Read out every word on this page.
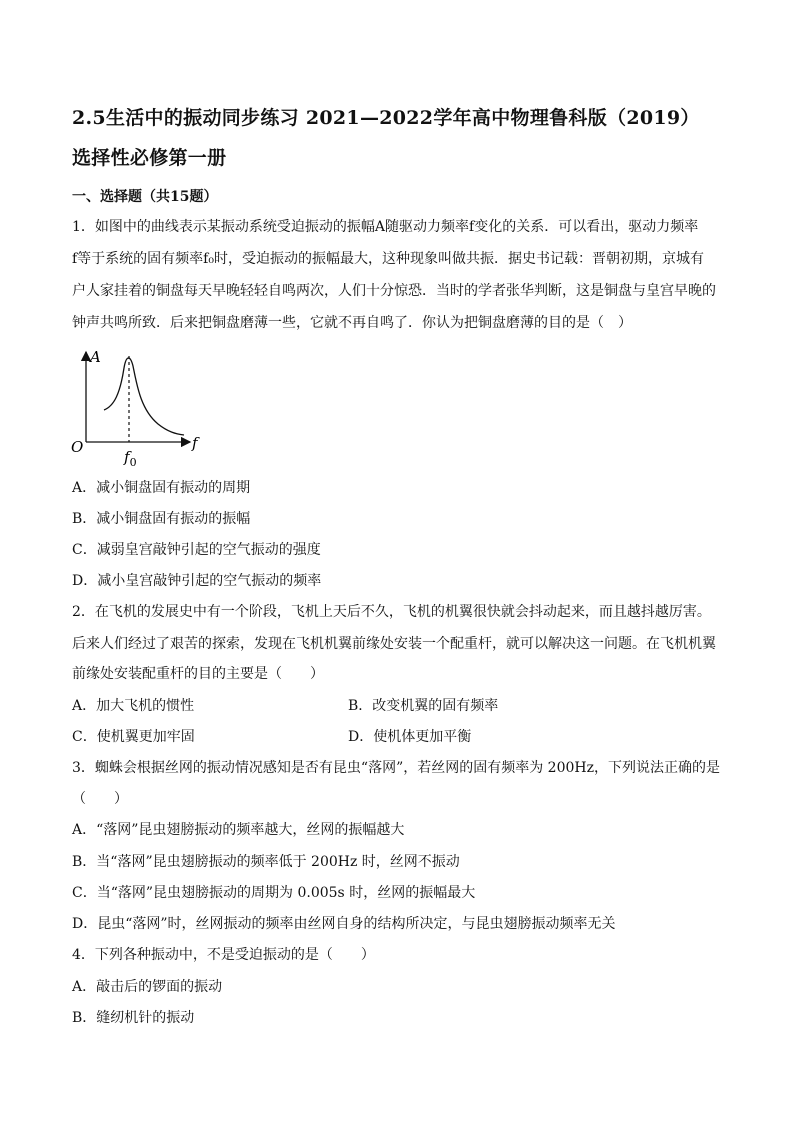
2.5生活中的振动同步练习 2021—2022学年高中物理鲁科版（2019）
选择性必修第一册
一、选择题（共15题）
1．如图中的曲线表示某振动系统受迫振动的振幅A随驱动力频率f变化的关系．可以看出，驱动力频率
f等于系统的固有频率f₀时，受迫振动的振幅最大，这种现象叫做共振．据史书记载：晋朝初期，京城有
户人家挂着的铜盘每天早晚轻轻自鸣两次，人们十分惊恐．当时的学者张华判断，这是铜盘与皇宫早晚的
钟声共鸣所致．后来把铜盘磨薄一些，它就不再自鸣了．你认为把铜盘磨薄的目的是（　）
A
f
O
$f_0$
A．减小铜盘固有振动的周期
B．减小铜盘固有振动的振幅
C．减弱皇宫敲钟引起的空气振动的强度
D．减小皇宫敲钟引起的空气振动的频率
2．在飞机的发展史中有一个阶段，飞机上天后不久，飞机的机翼很快就会抖动起来，而且越抖越厉害。
后来人们经过了艰苦的探索，发现在飞机机翼前缘处安装一个配重杆，就可以解决这一问题。在飞机机翼
前缘处安装配重杆的目的主要是（　　）
A．加大飞机的惯性	B．改变机翼的固有频率
C．使机翼更加牢固	D．使机体更加平衡
3．蜘蛛会根据丝网的振动情况感知是否有昆虫“落网”，若丝网的固有频率为 200Hz，下列说法正确的是
（　　）
A．“落网”昆虫翅膀振动的频率越大，丝网的振幅越大
B．当“落网”昆虫翅膀振动的频率低于 200Hz 时，丝网不振动
C．当“落网”昆虫翅膀振动的周期为 0.005s 时，丝网的振幅最大
D．昆虫“落网”时，丝网振动的频率由丝网自身的结构所决定，与昆虫翅膀振动频率无关
4．下列各种振动中，不是受迫振动的是（　　）
A．敲击后的锣面的振动
B．缝纫机针的振动
